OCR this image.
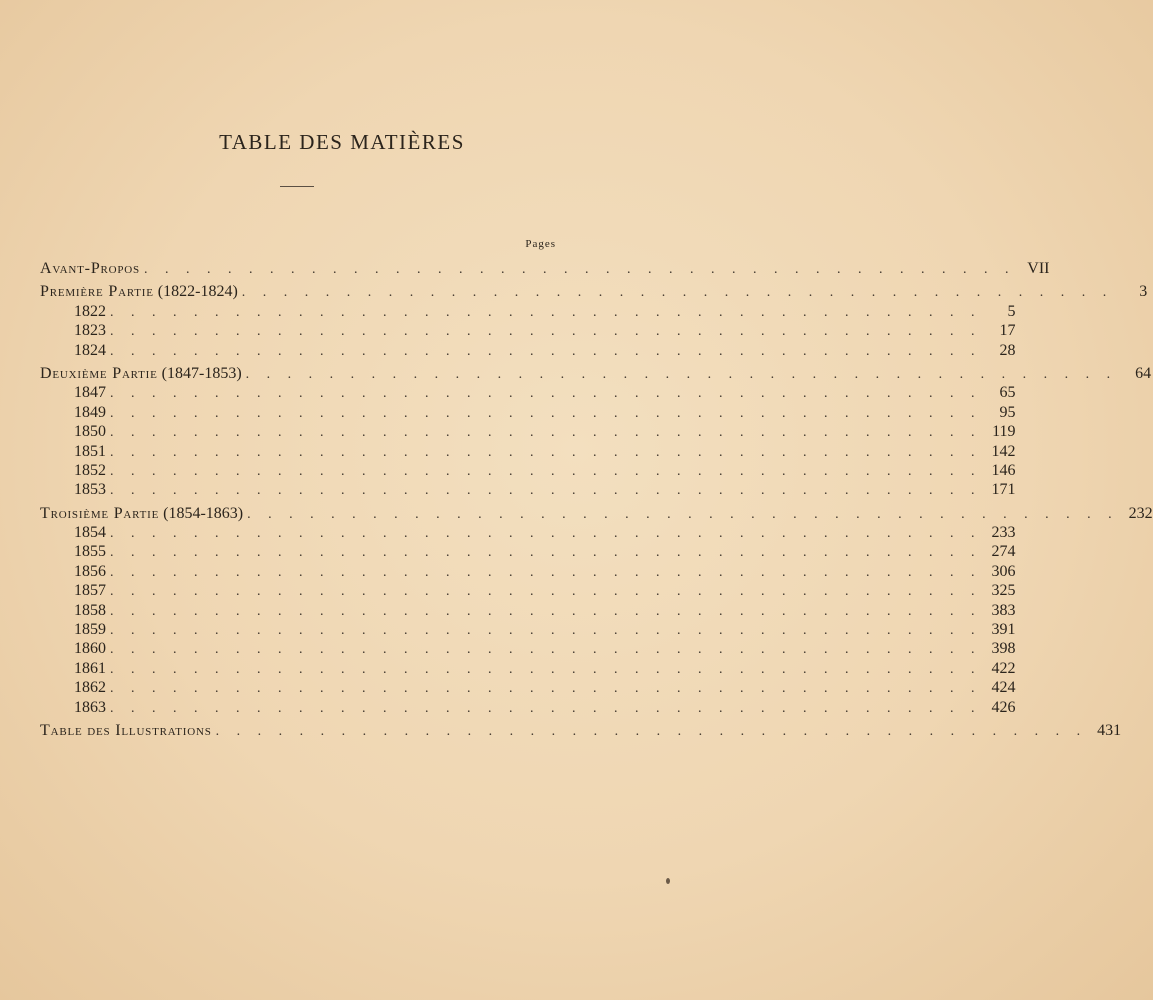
TABLE DES MATIÈRES
Pages
Avant-Propos . . . . . . . . . . . . . . . . . . . . . . . . . . . . . . . . . . . . . . . . . . VII
Première Partie (1822-1824) . . . . . . . . . . . . . . . . . . . . . . . . . . . . . . . . . . . . . . . . . .	3
1822 . . . . . . . . . . . . . . . . . . . . . . . . . . . . . . . . . . . . . . . . . .	5
1823 . . . . . . . . . . . . . . . . . . . . . . . . . . . . . . . . . . . . . . . . . .	17
1824 . . . . . . . . . . . . . . . . . . . . . . . . . . . . . . . . . . . . . . . . . .	28
Deuxième Partie (1847-1853) . . . . . . . . . . . . . . . . . . . . . . . . . . . . . . . . . . . . . . . . . .	64
1847 . . . . . . . . . . . . . . . . . . . . . . . . . . . . . . . . . . . . . . . . . .	65
1849 . . . . . . . . . . . . . . . . . . . . . . . . . . . . . . . . . . . . . . . . . .	95
1850 . . . . . . . . . . . . . . . . . . . . . . . . . . . . . . . . . . . . . . . . . . 119
1851 . . . . . . . . . . . . . . . . . . . . . . . . . . . . . . . . . . . . . . . . . . 142
1852 . . . . . . . . . . . . . . . . . . . . . . . . . . . . . . . . . . . . . . . . . . 146
1853 . . . . . . . . . . . . . . . . . . . . . . . . . . . . . . . . . . . . . . . . . . 171
Troisième Partie (1854-1863) . . . . . . . . . . . . . . . . . . . . . . . . . . . . . . . . . . . . . . . . . . 232
1854 . . . . . . . . . . . . . . . . . . . . . . . . . . . . . . . . . . . . . . . . . . 233
1855 . . . . . . . . . . . . . . . . . . . . . . . . . . . . . . . . . . . . . . . . . . 274
1856 . . . . . . . . . . . . . . . . . . . . . . . . . . . . . . . . . . . . . . . . . . 306
1857 . . . . . . . . . . . . . . . . . . . . . . . . . . . . . . . . . . . . . . . . . . 325
1858 . . . . . . . . . . . . . . . . . . . . . . . . . . . . . . . . . . . . . . . . . . 383
1859 . . . . . . . . . . . . . . . . . . . . . . . . . . . . . . . . . . . . . . . . . . 391
1860 . . . . . . . . . . . . . . . . . . . . . . . . . . . . . . . . . . . . . . . . . . 398
1861 . . . . . . . . . . . . . . . . . . . . . . . . . . . . . . . . . . . . . . . . . . 422
1862 . . . . . . . . . . . . . . . . . . . . . . . . . . . . . . . . . . . . . . . . . . 424
1863 . . . . . . . . . . . . . . . . . . . . . . . . . . . . . . . . . . . . . . . . . . 426
Table des Illustrations . . . . . . . . . . . . . . . . . . . . . . . . . . . . . . . . . . . . . . . . . . 431
